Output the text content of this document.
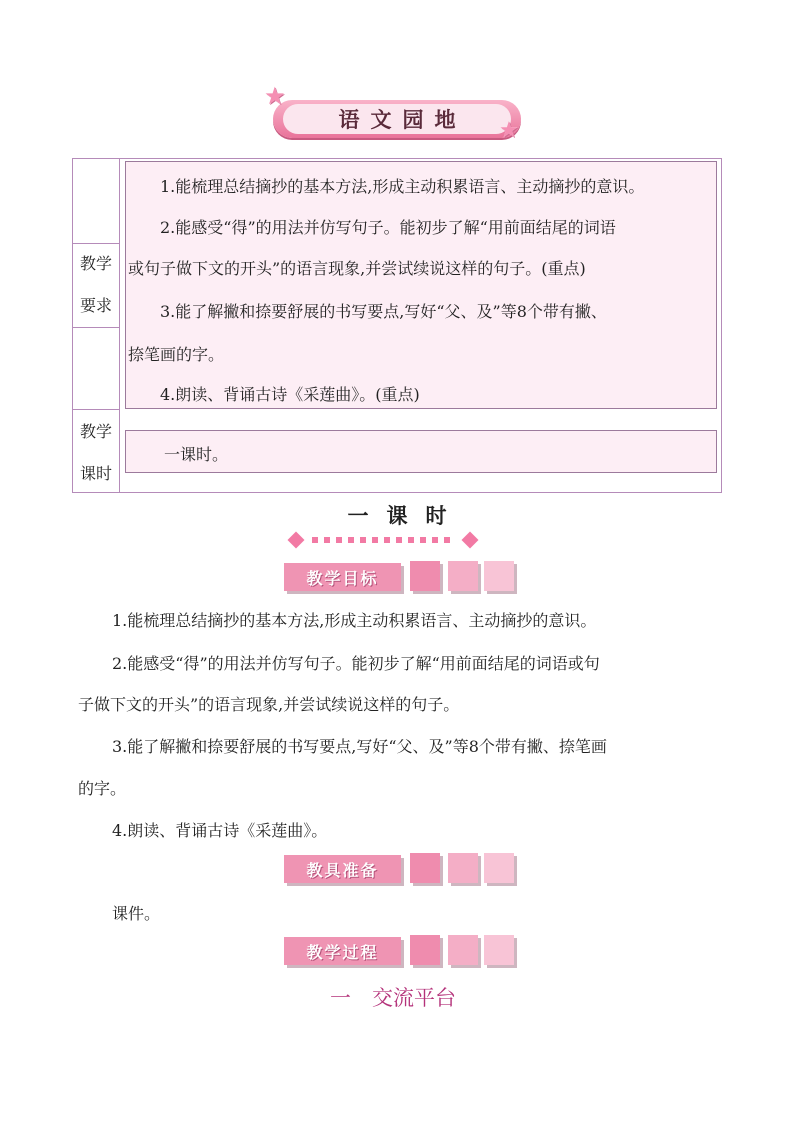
语文园地
★
★
教学
要求
教学
课时
1.能梳理总结摘抄的基本方法,形成主动积累语言、主动摘抄的意识。
2.能感受“得”的用法并仿写句子。能初步了解“用前面结尾的词语
或句子做下文的开头”的语言现象,并尝试续说这样的句子。(重点)
3.能了解撇和捺要舒展的书写要点,写好“父、及”等8个带有撇、
捺笔画的字。
4.朗读、背诵古诗《采莲曲》。(重点)
一课时。
一课时
教学目标
1.能梳理总结摘抄的基本方法,形成主动积累语言、主动摘抄的意识。
2.能感受“得”的用法并仿写句子。能初步了解“用前面结尾的词语或句
子做下文的开头”的语言现象,并尝试续说这样的句子。
3.能了解撇和捺要舒展的书写要点,写好“父、及”等8个带有撇、捺笔画
的字。
4.朗读、背诵古诗《采莲曲》。
教具准备
课件。
教学过程
一　交流平台
